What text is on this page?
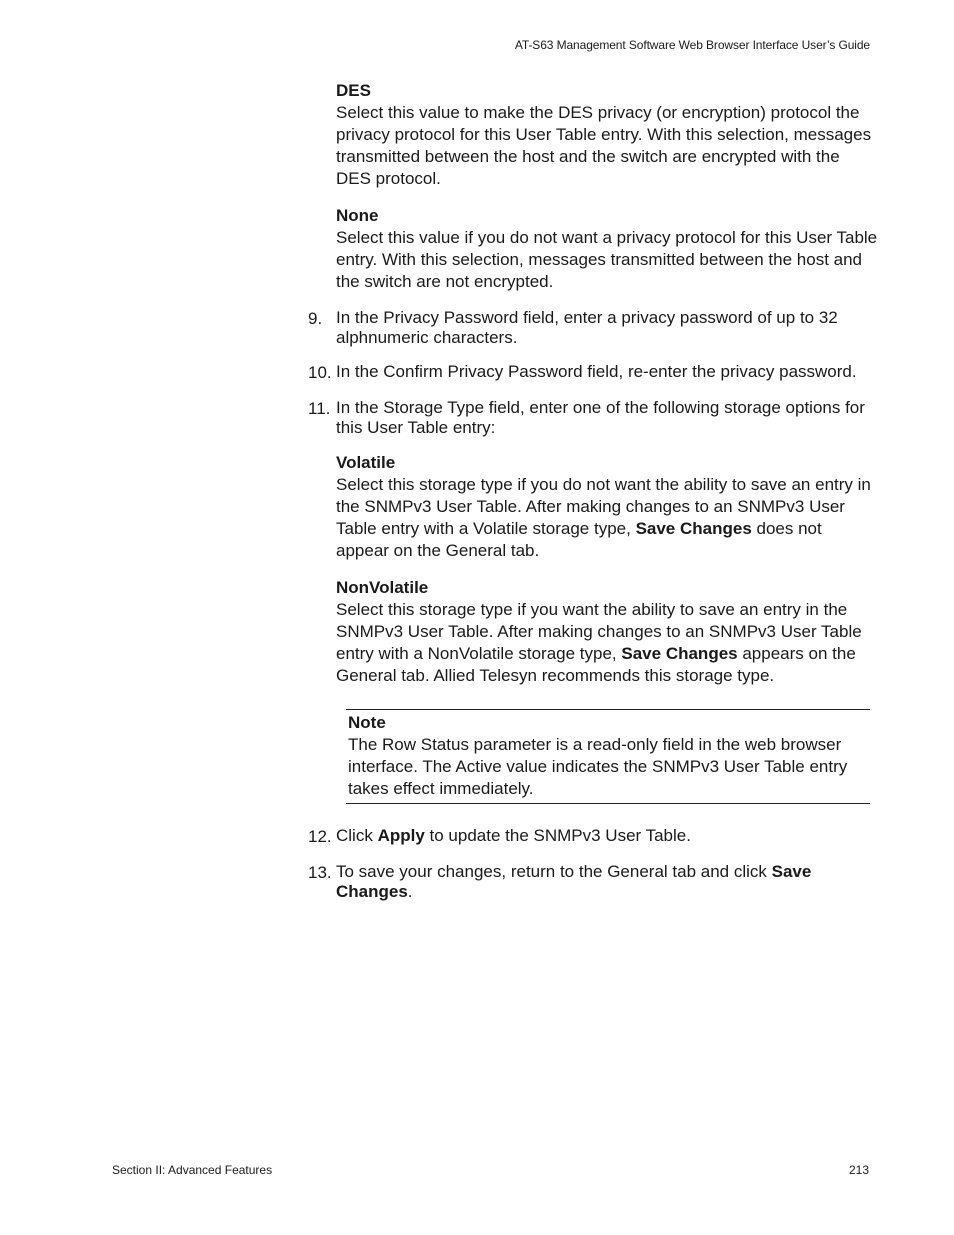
AT-S63 Management Software Web Browser Interface User’s Guide
DES
Select this value to make the DES privacy (or encryption) protocol the privacy protocol for this User Table entry. With this selection, messages transmitted between the host and the switch are encrypted with the DES protocol.
None
Select this value if you do not want a privacy protocol for this User Table entry. With this selection, messages transmitted between the host and the switch are not encrypted.
9. In the Privacy Password field, enter a privacy password of up to 32 alphnumeric characters.
10. In the Confirm Privacy Password field, re-enter the privacy password.
11. In the Storage Type field, enter one of the following storage options for this User Table entry:
Volatile
Select this storage type if you do not want the ability to save an entry in the SNMPv3 User Table. After making changes to an SNMPv3 User Table entry with a Volatile storage type, Save Changes does not appear on the General tab.
NonVolatile
Select this storage type if you want the ability to save an entry in the SNMPv3 User Table. After making changes to an SNMPv3 User Table entry with a NonVolatile storage type, Save Changes appears on the General tab. Allied Telesyn recommends this storage type.
Note
The Row Status parameter is a read-only field in the web browser interface. The Active value indicates the SNMPv3 User Table entry takes effect immediately.
12. Click Apply to update the SNMPv3 User Table.
13. To save your changes, return to the General tab and click Save Changes.
Section II: Advanced Features	213
